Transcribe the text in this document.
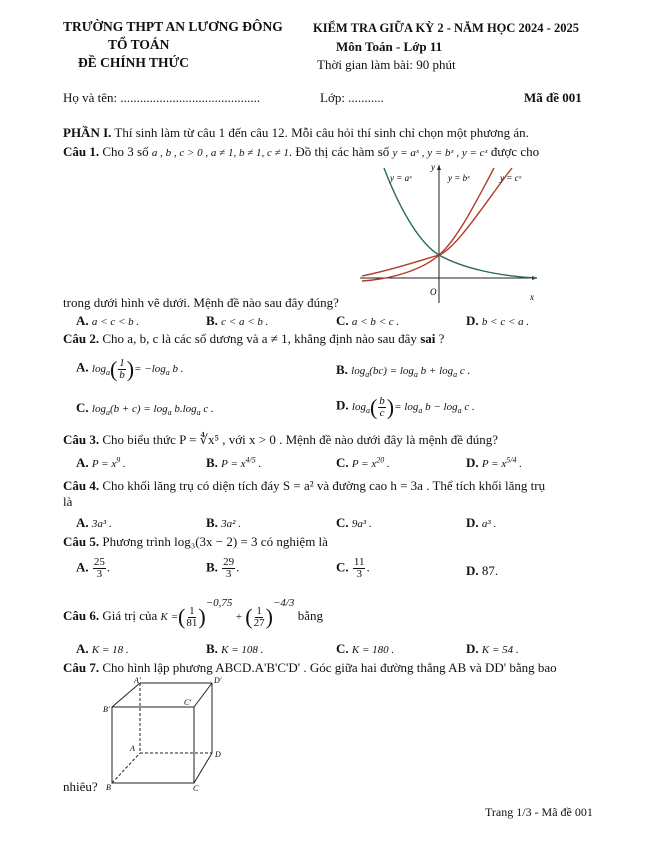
TRƯỜNG THPT AN LƯƠNG ĐÔNG
TỔ TOÁN
ĐỀ CHÍNH THỨC
KIỂM TRA GIỮA KỲ 2 - NĂM HỌC 2024 - 2025
Môn Toán - Lớp 11
Thời gian làm bài: 90 phút
Họ và tên: ...........................................	Lớp: ...........	Mã đề 001
PHẦN I. Thí sinh làm từ câu 1 đến câu 12. Mỗi câu hỏi thí sinh chỉ chọn một phương án.
Câu 1. Cho 3 số a , b , c > 0 , a ≠ 1, b ≠ 1, c ≠ 1. Đồ thị các hàm số y = aˣ , y = bˣ , y = cˣ được cho
y = aˣ	y = bˣ	y = cˣ
y
x
O
trong dưới hình vẽ dưới. Mệnh đề nào sau đây đúng?
A. a < c < b .	B. c < a < b .	C. a < b < c .	D. b < c < a .
Câu 2. Cho a, b, c là các số dương và a ≠ 1, khẳng định nào sau đây sai ?
A. $\log_a( \frac{1}{b}$ )= $-\log_a$ b .	B. $\log_a(bc) = \log_a b + \log_a c$ .
C. $\log_a(b + c) = \log_a b.\log_a$ c .	D. $\log_a( \frac{b}{c}$ )= $\log_a b - \log_a c$ .
Câu 3. Cho biểu thức P = ∜x⁵ , với x > 0 . Mệnh đề nào dưới đây là mệnh đề đúng?
A. $P = x^9$ .	B. $P = x^{4/5}$ .	C. $P = x^{20}$ .	D. $P = x^{5/4}$ .
Câu 4. Cho khối lăng trụ có diện tích đáy S = a² và đường cao h = 3a . Thể tích khối lăng trụ
là
A. 3a³ .	B. 3a² .	C. 9a³ .	D. a³ .
Câu 5. Phương trình log₃(3x − 2) = 3 có nghiệm là
A. $\frac{25}{3}$ .	B. $\frac{29}{3}$ .	C. $\frac{11}{3}$ .	D. 87.
Câu 6. Giá trị của K =( $\frac{1}{81} )^{-0,75}$ + ( $\frac{1}{27} )^{-4/3}$ bằng
A. K = 18 .	B. K = 108 .	C. K = 180 .	D. K = 54 .
Câu 7. Cho hình lập phương ABCD.A'B'C'D' . Góc giữa hai đường thẳng AB và DD' bằng bao
A'	D'
B'
C'
A
D
B	C
nhiêu?
Trang 1/3 - Mã đề 001
